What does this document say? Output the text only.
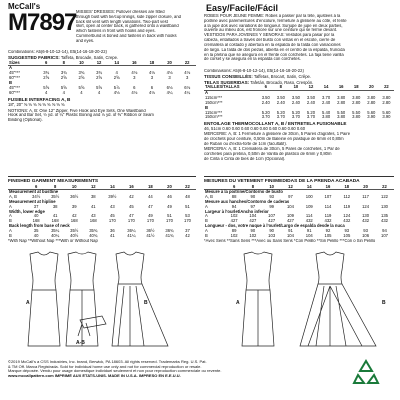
McCall's
M7897
Easy/Facile/Fácil
MISSES' DRESSES: Pullover dresses are fitted
through bust with tie/cup linings, side zipper closure, and
back slit vent with length variations. Two-part vest
skirt, open at center back, is gathered onto a waistband
which fastens in front with hooks and eyes.
Cummerbund is boned and fastens in back with hooks
and eyes.
Combinations: A5(6-8-10-12-14), E5(14-16-18-20-22)
SUGGESTED FABRICS: Taffeta, Brocade, Satin, Crepe.
Sizes	6	8	10	12	14	16	18	20	22
A									
45"***	3¾	3¾	3¾	3¾	4	4⅛	4⅛	4⅛	4⅛
60"***	2⅝	2⅝	2⅝	2⅝	2⅝	3	3	3	3
B									
45"***	5⅝	5⅝	5⅝	5⅝	5⅞	6	6	6⅛	6⅛
60"***	4	4	4	4	4⅛	4⅛	4⅛	4¼	4¼
FUSIBLE INTERFACING A, B
18", 20" ⅝ ⅝ ⅝ ⅝ ⅝ ⅝ ⅝ ⅝ ⅝
NOTIONS: A, B: One 12" Zipper, Five Hook and Eye Sets, One Waistband
Hook and Bar Set, ½ yd. of ¼" Plastic Boning and ⅞ yd. of ⅜" Ribbon or Seam
Binding (Optional).
FINISHED GARMENT MEASUREMENTS
	6	8	10	12	14	16	18	20	22
Measurement at bustline									
A, B	34½	35½	36½	38	39½	42	44	46	48
Measurement at hipline									
A	37	38	39	41	43	45	47	49	51
Width, lower edge									
A	40	41	42	43	45	47	49	51	53
B	168	168	168	168	170	170	170	170	170
Back length from base of neck									
A	35	35¼	35½	35¾	36	36¼	36½	36¾	37
B	40	40¼	40½	40¾	41	41¼	41½	41¾	42
*With Nap **Without Nap ***With or Without Nap
A	B
A-B
ROBES POUR JEUNE FEMME: Robes à passer par la tête, ajustées à la
poitrine avec parementures d'encolure, fermeture à glissière au côté, et fente
à la jupe dos avec variations de longueur. Surjupe de jupe en deux parties,
ouverte au milieu dos, est froncée sur une ceinture qui se ferme devant.
VESTIDOS PARA JÓVENES Y SEÑORAS: Vestidos para pasar por la
cabeza, entallados a través del busto con vistas en el escote, cierre de
cremallera al costado y abertura en la espalda de la falda con variaciones
de largo. La falda de dos piezas, abierta en el centro de la espalda, fruncida
en la pretina que se asegura en el frente con corchetes. La faja tiene varilla
de corset y se asegura en la espalda con corchetes.
Combinaisons: A5(6-8-10-12-14), E5(14-16-18-20-22)
TISSUS CONSEILLÉS: Taffetas, Brocart, Satin, Crêpe.
TELAS SUGERIDAS: Tafetán, Brocado, Raso, Crespón.
TAILLES/TALLAS	6	8	10	12	14	16	18	20	22
A									
115cm***	3.50	3.50	3.50	3.50	3.70	3.80	3.80	3.80	3.80
150cm***	2.40	2.40	2.40	2.40	2.40	2.80	2.80	2.80	2.80
B									
115cm***	5.20	5.20	5.20	5.20	5.40	5.50	5.50	5.60	5.60
150cm***	3.70	3.70	3.70	3.70	3.80	3.80	3.80	3.90	3.90
ENTOILAGE THERMOCOLLANT A, B / ENTRETELA FUSIONABLE
46, 51cm 0.60 0.60 0.60 0.60 0.60 0.60 0.60 0.60 0.60
MERCERIE: A, B: 1 Fermeture à glissière de 30cm, 5 Paires d'agrafes, 1 Paire
de crochets pour ceinture, 0,50m de Baleine en plastique de 6mm et 0,80m
de Ruban ou d'extra-forte de 1cm (facultatif).
MERCERÍA: A, B: 1 Cremallera de 30cm, 5 Pares de corchetes, 1 Par de
corchetes para pretina, 0,50m de Varilla de plástico de 6mm y 0,80m
de Cinta o Cinta de bies de 1cm (Opcional).
MESURES DU VÊTEMENT FINI/MEDIDAS DE LA PRENDA ACABADA
	6	8	10	12	14	16	18	20	22
Mesure à la poitrine/Contorno de busto									
A, B	88	90	93	97	100	107	112	117	122
Mesure aux hanches/Contorno de caderas									
A	94	97	99	104	109	114	119	124	130
Largeur à l'ourlet/Ancho inferior									
A	102	104	107	109	114	119	124	130	135
B	427	427	427	427	432	432	432	432	432
Longueur - dos, votre nuque à l'ourlet/Largo de espalda desde la nuca									
A	89	90	90	91	91	92	93	93	94
B	102	102	103	104	104	105	105	106	107
*Avec Sens **Sans Sens ***Avec ou Sans Sens *Con Pelillo **Sin Pelillo ***Con o Sin Pelillo
A	B
©2019 McCall's a CSS Industries, Inc. brand, Berwick, PA 18603. All rights reserved. Trademarks Reg. U.S. Pat.
& TM Off. Marca Registrada. Sold for individual home use only and not for commercial reproduction or resale.
Marque déposée. Vendu pour usage domestique individuel seulement et non pour reproduction commerciale ou revente.
www.mccallpattern.com IMPRIMÉ AUX ÉTATS-UNIS. MADE IN U.S.A. IMPRESO EN E.E.U.U.
